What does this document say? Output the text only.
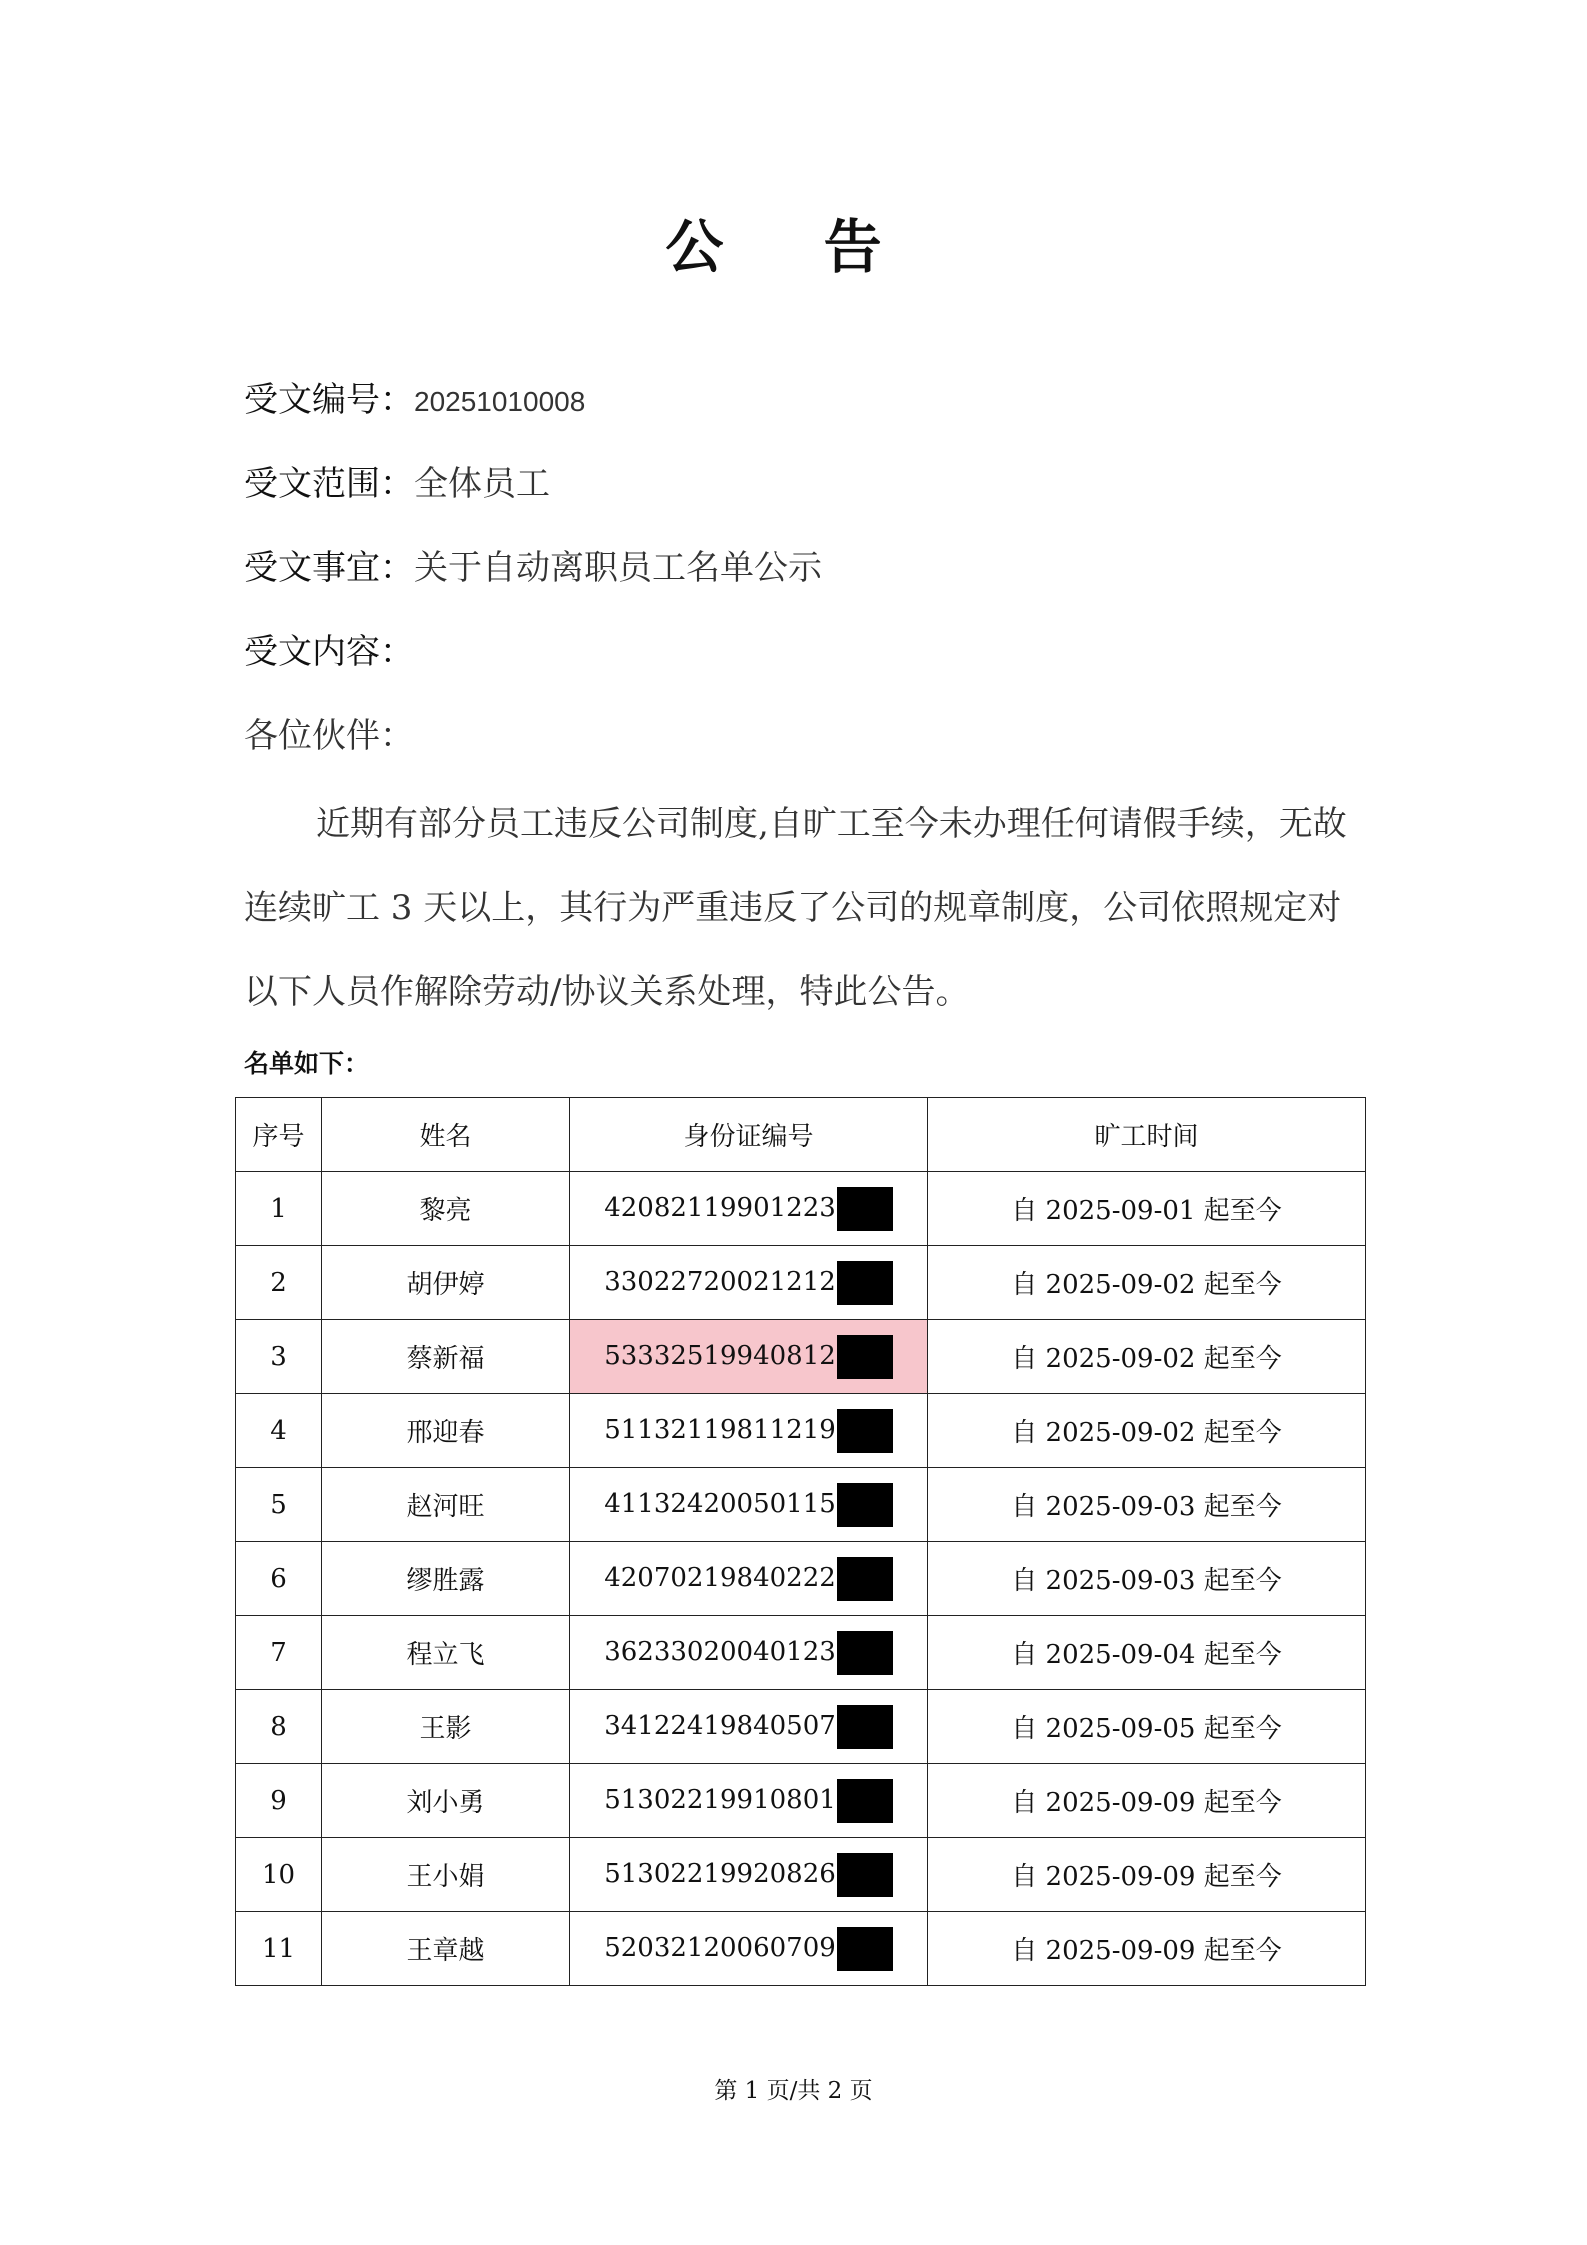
公 告
受文编号：20251010008
受文范围：全体员工
受文事宜：关于自动离职员工名单公示
受文内容：
各位伙伴：
近期有部分员工违反公司制度,自旷工至今未办理任何请假手续，无故连续旷工 3 天以上，其行为严重违反了公司的规章制度，公司依照规定对以下人员作解除劳动/协议关系处理，特此公告。
名单如下：
序号	姓名	身份证编号	旷工时间
1	黎亮	42082119901223	自 2025-09-01 起至今
2	胡伊婷	33022720021212	自 2025-09-02 起至今
3	蔡新福	53332519940812	自 2025-09-02 起至今
4	邢迎春	51132119811219	自 2025-09-02 起至今
5	赵河旺	41132420050115	自 2025-09-03 起至今
6	缪胜露	42070219840222	自 2025-09-03 起至今
7	程立飞	36233020040123	自 2025-09-04 起至今
8	王影	34122419840507	自 2025-09-05 起至今
9	刘小勇	51302219910801	自 2025-09-09 起至今
10	王小娟	51302219920826	自 2025-09-09 起至今
11	王章越	52032120060709	自 2025-09-09 起至今
第 1 页/共 2 页
